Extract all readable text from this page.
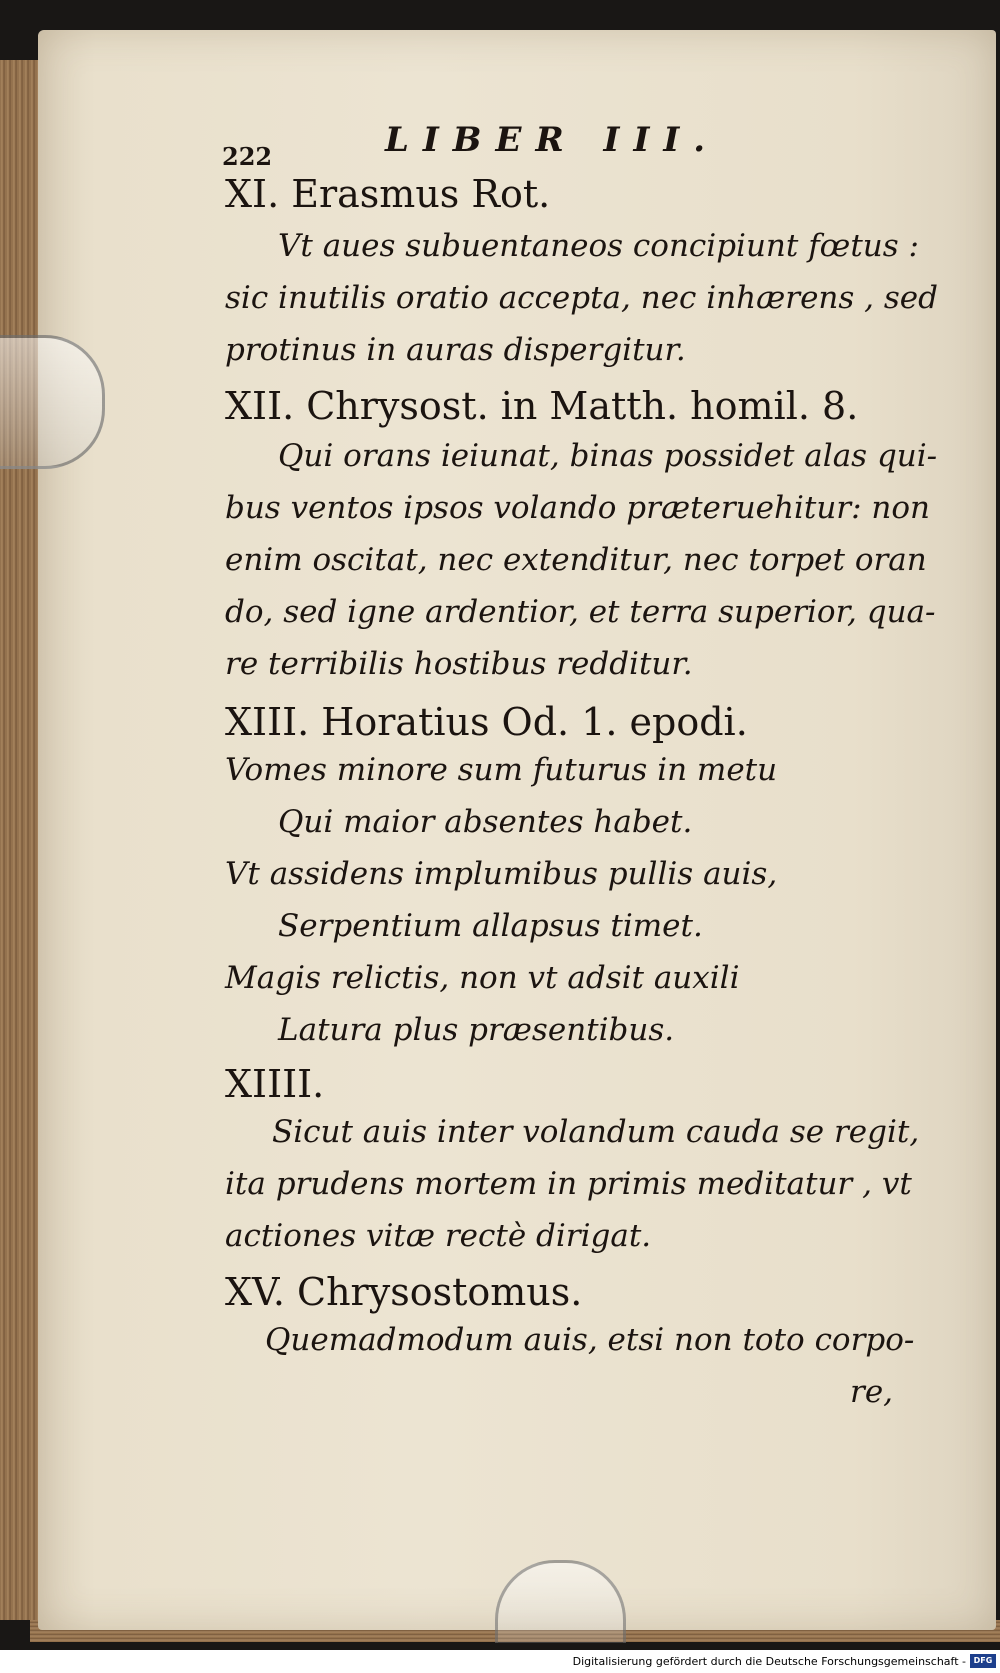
222	LIBER III.
XI. Erasmus Rot.
Vt aues subuentaneos concipiunt fœtus :
sic inutilis oratio accepta, nec inhærens , sed
protinus in auras dispergitur.
XII. Chrysost. in Matth. homil. 8.
Qui orans ieiunat, binas possidet alas qui-
bus ventos ipsos volando præteruehitur: non
enim oscitat, nec extenditur, nec torpet oran
do, sed igne ardentior, et terra superior, qua-
re terribilis hostibus redditur.
XIII. Horatius Od. 1. epodi.
Vomes minore sum futurus in metu
Qui maior absentes habet.
Vt assidens implumibus pullis auis,
Serpentium allapsus timet.
Magis relictis, non vt adsit auxili
Latura plus præsentibus.
XIIII.
Sicut auis inter volandum cauda se regit,
ita prudens mortem in primis meditatur , vt
actiones vitæ rectè dirigat.
XV. Chrysostomus.
Quemadmodum auis, etsi non toto corpo-
re,
Digitalisierung gefördert durch die Deutsche Forschungsgemeinschaft - DFG
